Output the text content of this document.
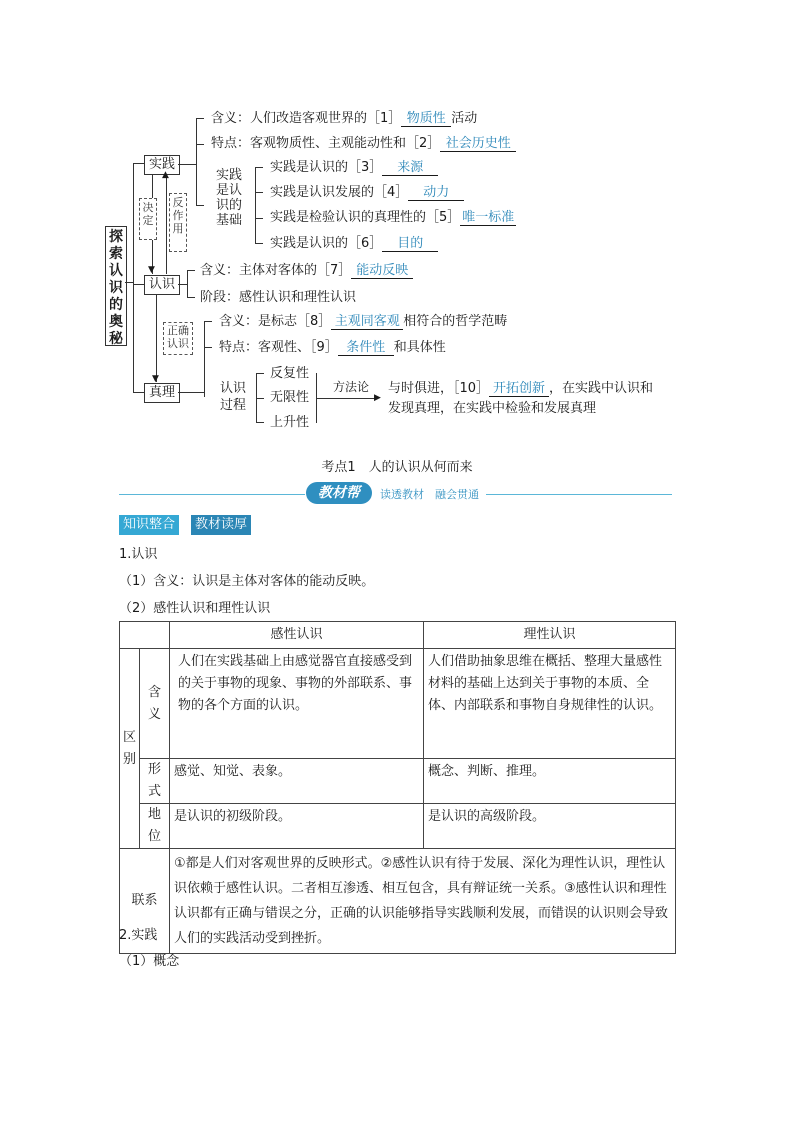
探索认识的奥秘
实践
认识
真理
▼
▲
决定
反作用
▼
正确认识
含义：人们改造客观世界的［1］ 物质性 活动
特点：客观物质性、主观能动性和［2］ 社会历史性
实践是认识的基础
实践是认识的［3］ 来源
实践是认识发展的［4］ 动力
实践是检验认识的真理性的［5］ 唯一标准
实践是认识的［6］ 目的
含义：主体对客体的［7］ 能动反映
阶段：感性认识和理性认识
含义：是标志［8］ 主观同客观 相符合的哲学范畴
特点：客观性、［9］ 条件性 和具体性
认识过程
反复性
无限性
上升性
▶
方法论 与时俱进，［10］ 开拓创新 ，在实践中认识和
发现真理，在实践中检验和发展真理
考点1　人的认识从何而来
教材帮	读透教材　融会贯通
知识整合	教材读厚
1.认识
（1）含义：认识是主体对客体的能动反映。
（2）感性认识和理性认识
		感性认识	理性认识
区别	含义	人们在实践基础上由感觉器官直接感受到的关于事物的现象、事物的外部联系、事物的各个方面的认识。	人们借助抽象思维在概括、整理大量感性材料的基础上达到关于事物的本质、全体、内部联系和事物自身规律性的认识。
	形式	感觉、知觉、表象。	概念、判断、推理。
	地位	是认识的初级阶段。	是认识的高级阶段。
联系		①都是人们对客观世界的反映形式。②感性认识有待于发展、深化为理性认识，理性认识依赖于感性认识。二者相互渗透、相互包含，具有辩证统一关系。③感性认识和理性认识都有正确与错误之分，正确的认识能够指导实践顺利发展，而错误的认识则会导致人们的实践活动受到挫折。	
2.实践
（1）概念
